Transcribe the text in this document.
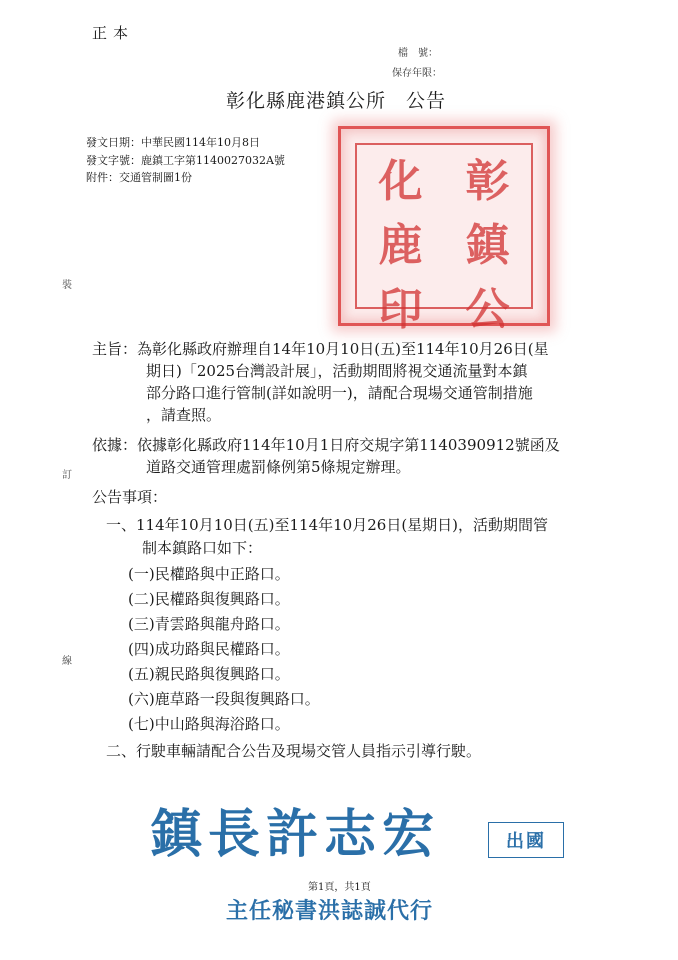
正本
檔　號：
保存年限：
彰化縣鹿港鎮公所　公告
發文日期：中華民國114年10月8日
發文字號：鹿鎮工字第1140027032A號
附件：交通管制圖1份	彰
化
鎮
鹿
公
印
裝
訂
線
主旨：為彰化縣政府辦理自14年10月10日(五)至114年10月26日(星
期日)「2025台灣設計展」，活動期間將視交通流量對本鎮
部分路口進行管制(詳如說明一)，請配合現場交通管制措施
，請查照。
依據：依據彰化縣政府114年10月1日府交規字第1140390912號函及
道路交通管理處罰條例第5條規定辦理。
公告事項：
一、114年10月10日(五)至114年10月26日(星期日)，活動期間管
制本鎮路口如下：
(一)民權路與中正路口。
(二)民權路與復興路口。
(三)青雲路與龍舟路口。
(四)成功路與民權路口。
(五)親民路與復興路口。
(六)鹿草路一段與復興路口。
(七)中山路與海浴路口。
二、行駛車輛請配合公告及現場交管人員指示引導行駛。
鎮長許志宏	出國
第1頁，共1頁
主任秘書洪誌誠代行
